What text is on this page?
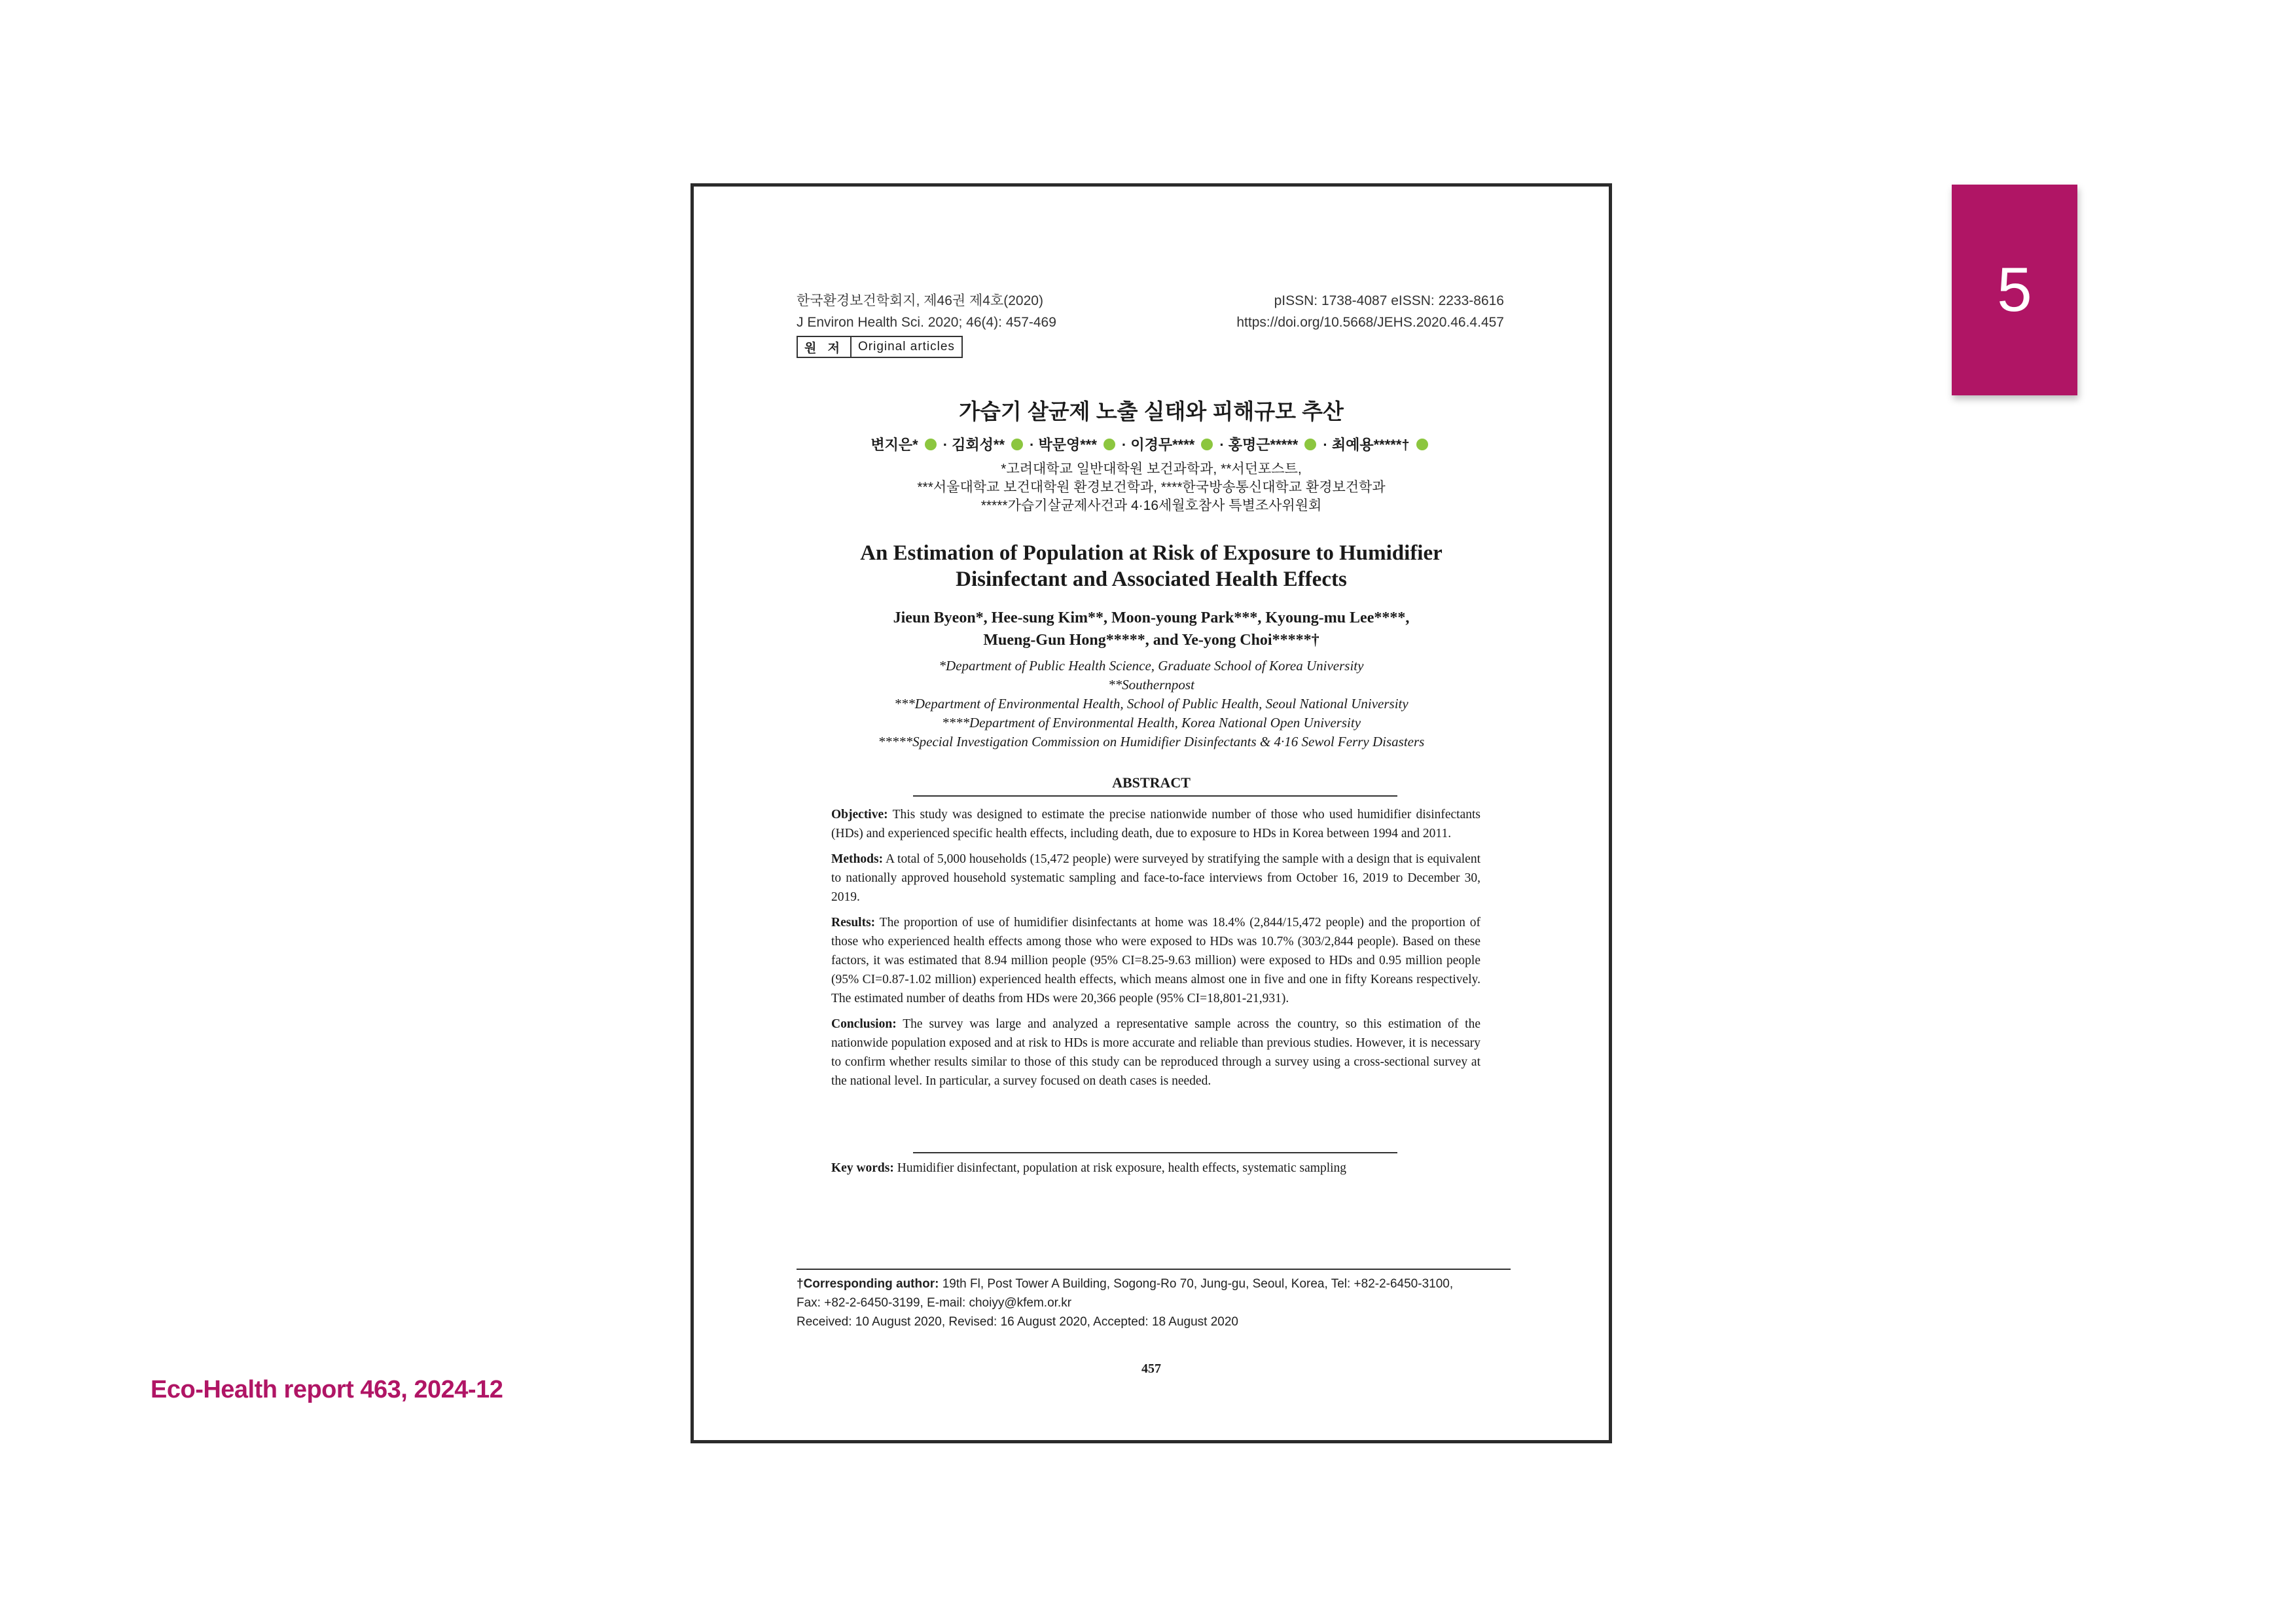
5
Eco-Health report 463, 2024-12
한국환경보건학회지, 제46권 제4호(2020)
J Environ Health Sci. 2020; 46(4): 457-469
pISSN: 1738-4087 eISSN: 2233-8616
https://doi.org/10.5668/JEHS.2020.46.4.457
원 저	Original articles
가습기 살균제 노출 실태와 피해규모 추산
변지은* · 김회성** · 박문영*** · 이경무**** · 홍명근***** · 최예용*****†
*고려대학교 일반대학원 보건과학과, **서던포스트,
***서울대학교 보건대학원 환경보건학과, ****한국방송통신대학교 환경보건학과
*****가습기살균제사건과 4·16세월호참사 특별조사위원회
An Estimation of Population at Risk of Exposure to Humidifier
Disinfectant and Associated Health Effects
Jieun Byeon*, Hee-sung Kim**, Moon-young Park***, Kyoung-mu Lee****,
Mueng-Gun Hong*****, and Ye-yong Choi*****†
*Department of Public Health Science, Graduate School of Korea University
**Southernpost
***Department of Environmental Health, School of Public Health, Seoul National University
****Department of Environmental Health, Korea National Open University
*****Special Investigation Commission on Humidifier Disinfectants & 4·16 Sewol Ferry Disasters
ABSTRACT

Objective: This study was designed to estimate the precise nationwide number of those who used humidifier disinfectants (HDs) and experienced specific health effects, including death, due to exposure to HDs in Korea between 1994 and 2011.

Methods: A total of 5,000 households (15,472 people) were surveyed by stratifying the sample with a design that is equivalent to nationally approved household systematic sampling and face-to-face interviews from October 16, 2019 to December 30, 2019.

Results: The proportion of use of humidifier disinfectants at home was 18.4% (2,844/15,472 people) and the proportion of those who experienced health effects among those who were exposed to HDs was 10.7% (303/2,844 people). Based on these factors, it was estimated that 8.94 million people (95% CI=8.25-9.63 million) were exposed to HDs and 0.95 million people (95% CI=0.87-1.02 million) experienced health effects, which means almost one in five and one in fifty Koreans respectively. The estimated number of deaths from HDs were 20,366 people (95% CI=18,801-21,931).

Conclusion: The survey was large and analyzed a representative sample across the country, so this estimation of the nationwide population exposed and at risk to HDs is more accurate and reliable than previous studies. However, it is necessary to confirm whether results similar to those of this study can be reproduced through a survey using a cross-sectional survey at the national level. In particular, a survey focused on death cases is needed.

Key words: Humidifier disinfectant, population at risk exposure, health effects, systematic sampling
†Corresponding author: 19th Fl, Post Tower A Building, Sogong-Ro 70, Jung-gu, Seoul, Korea, Tel: +82-2-6450-3100,
Fax: +82-2-6450-3199, E-mail: choiyy@kfem.or.kr
Received: 10 August 2020, Revised: 16 August 2020, Accepted: 18 August 2020
457
